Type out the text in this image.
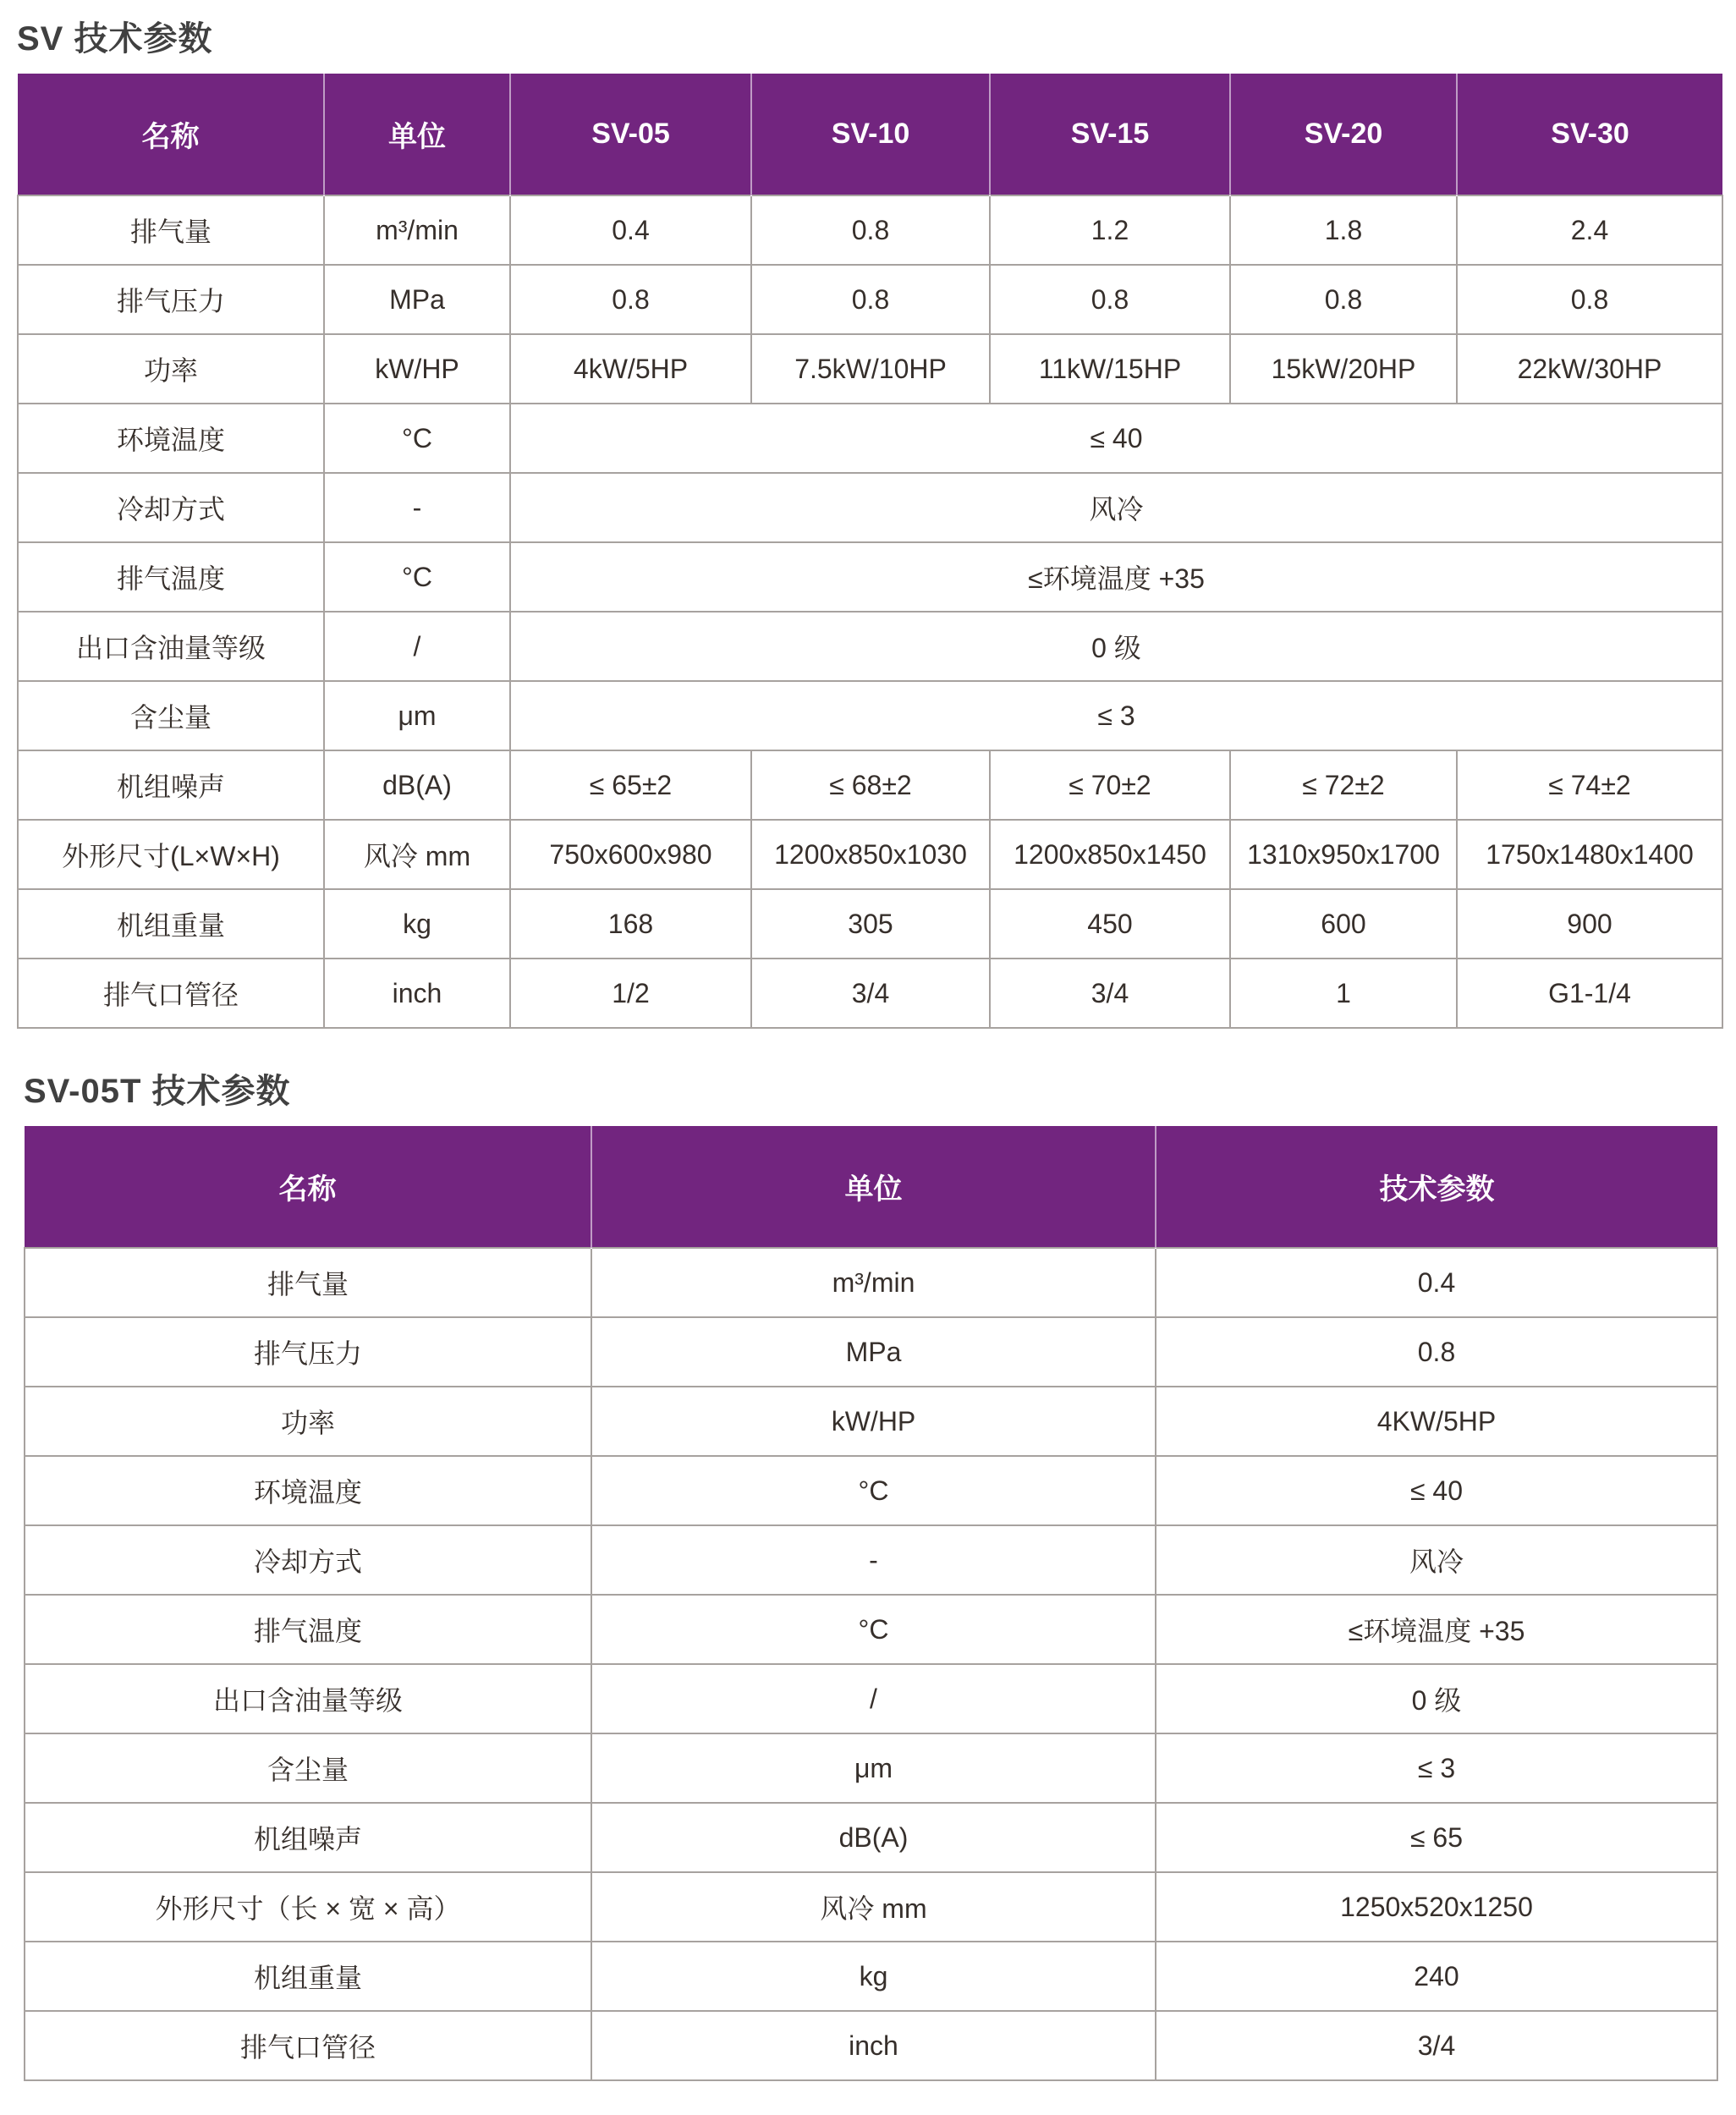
SV 技术参数
名称	单位	SV-05	SV-10	SV-15	SV-20	SV-30
排气量	m³/min	0.4	0.8	1.2	1.8	2.4
排气压力	MPa	0.8	0.8	0.8	0.8	0.8
功率	kW/HP	4kW/5HP	7.5kW/10HP	11kW/15HP	15kW/20HP	22kW/30HP
环境温度	°C	≤ 40				
冷却方式	-	风冷				
排气温度	°C	≤环境温度 +35				
出口含油量等级	/	0 级				
含尘量	μm	≤ 3				
机组噪声	dB(A)	≤ 65±2	≤ 68±2	≤ 70±2	≤ 72±2	≤ 74±2
外形尺寸(L×W×H)	风冷 mm	750x600x980	1200x850x1030	1200x850x1450	1310x950x1700	1750x1480x1400
机组重量	kg	168	305	450	600	900
排气口管径	inch	1/2	3/4	3/4	1	G1-1/4
SV-05T 技术参数
名称	单位	技术参数
排气量	m³/min	0.4
排气压力	MPa	0.8
功率	kW/HP	4KW/5HP
环境温度	°C	≤ 40
冷却方式	-	风冷
排气温度	°C	≤环境温度 +35
出口含油量等级	/	0 级
含尘量	μm	≤ 3
机组噪声	dB(A)	≤ 65
外形尺寸（长 × 宽 × 高）	风冷 mm	1250x520x1250
机组重量	kg	240
排气口管径	inch	3/4
